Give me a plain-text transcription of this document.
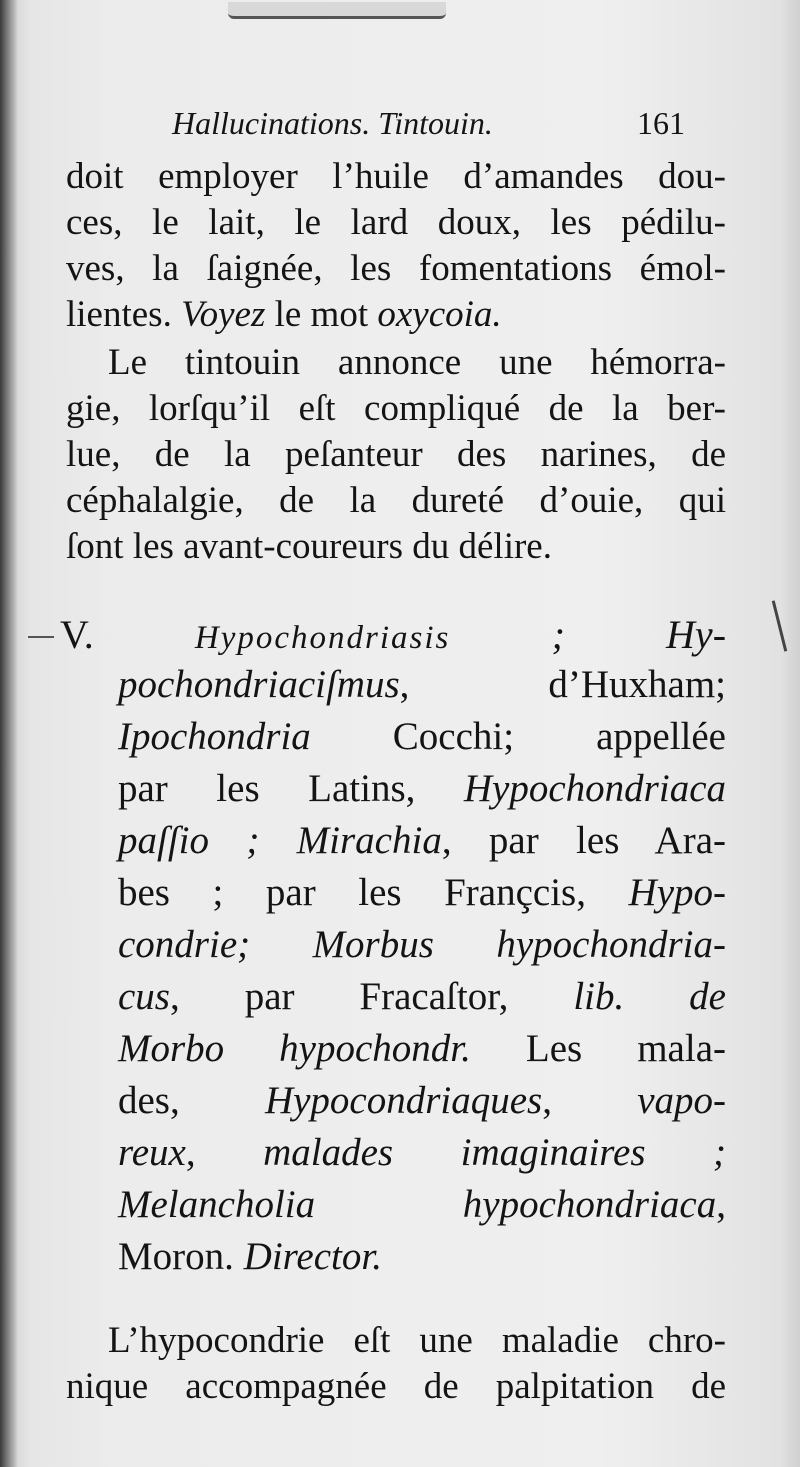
Hallucinations. Tintouin.	161
doit employer l’huile d’amandes dou-
ces, le lait, le lard doux, les pédilu-
ves, la ſaignée, les fomentations émol-
lientes. Voyez le mot oxycoia.
Le tintouin annonce une hémorra-
gie, lorſqu’il eſt compliqué de la ber-
lue, de la peſanteur des narines, de
céphalalgie, de la dureté d’ouie, qui
ſont les avant-coureurs du délire.
V.	Hypochondriasis ; Hy-
pochondriaciſmus, d’Huxham;
Ipochondria Cocchi; appellée
par les Latins, Hypochondriaca
paſſio ; Mirachia, par les Ara-
bes ; par les Françcis, Hypo-
condrie; Morbus hypochondria-
cus, par Fracaſtor, lib. de
Morbo hypochondr. Les mala-
des, Hypocondriaques, vapo-
reux, malades imaginaires ;
Melancholia hypochondriaca,
Moron. Director.
L’hypocondrie eſt une maladie chro-
nique accompagnée de palpitation de
